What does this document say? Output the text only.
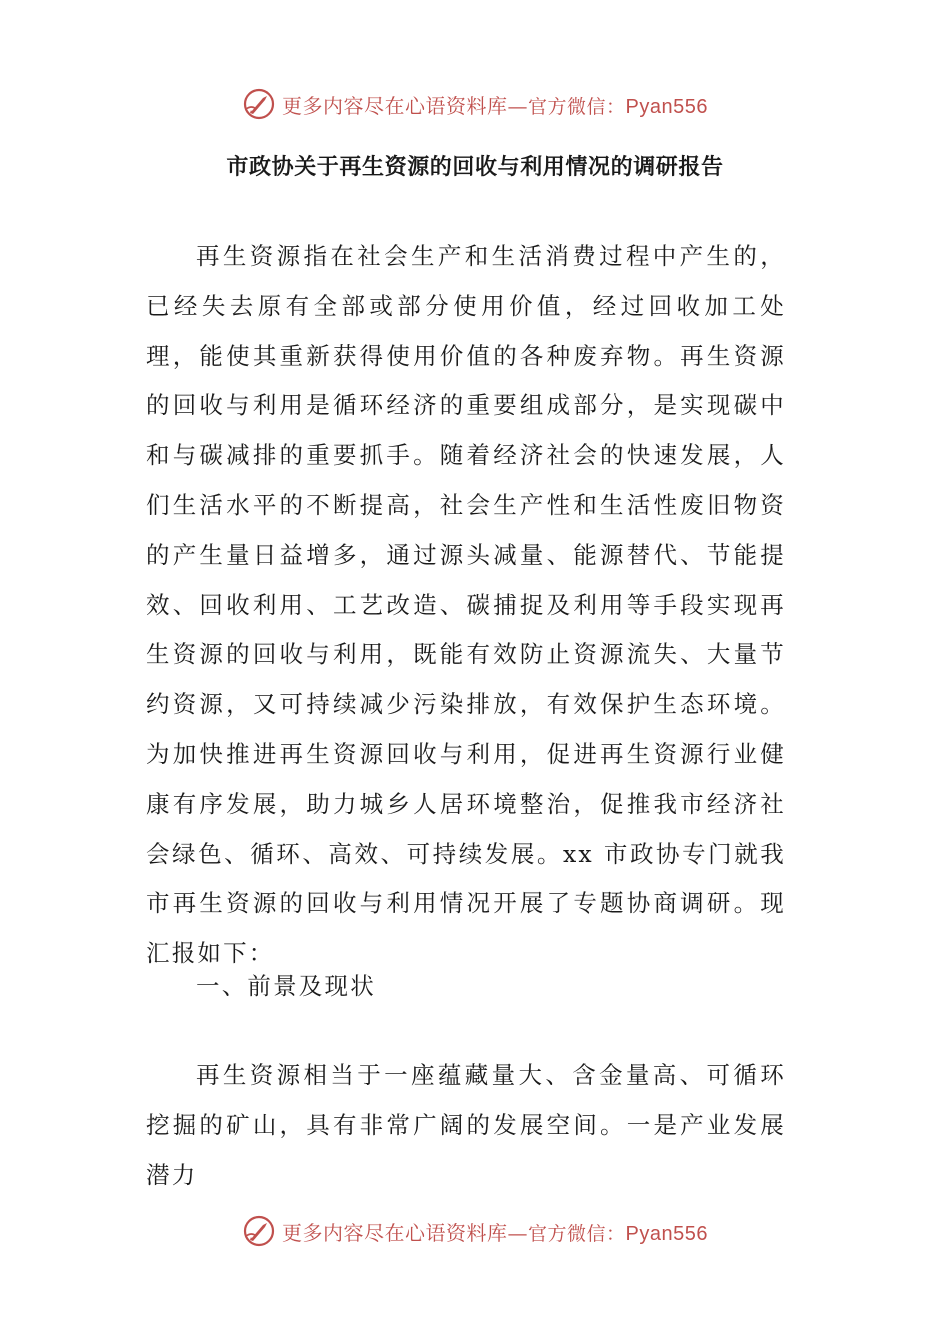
更多内容尽在心语资料库—官方微信：Pyan556
市政协关于再生资源的回收与利用情况的调研报告

再生资源指在社会生产和生活消费过程中产生的，已经失去原有全部或部分使用价值，经过回收加工处理，能使其重新获得使用价值的各种废弃物。再生资源的回收与利用是循环经济的重要组成部分，是实现碳中和与碳减排的重要抓手。随着经济社会的快速发展，人们生活水平的不断提高，社会生产性和生活性废旧物资的产生量日益增多，通过源头减量、能源替代、节能提效、回收利用、工艺改造、碳捕捉及利用等手段实现再生资源的回收与利用，既能有效防止资源流失、大量节约资源，又可持续减少污染排放，有效保护生态环境。为加快推进再生资源回收与利用，促进再生资源行业健康有序发展，助力城乡人居环境整治，促推我市经济社会绿色、循环、高效、可持续发展。xx 市政协专门就我市再生资源的回收与利用情况开展了专题协商调研。现汇报如下：

一、前景及现状

再生资源相当于一座蕴藏量大、含金量高、可循环挖掘的矿山，具有非常广阔的发展空间。一是产业发展潜力

更多内容尽在心语资料库—官方微信：Pyan556
